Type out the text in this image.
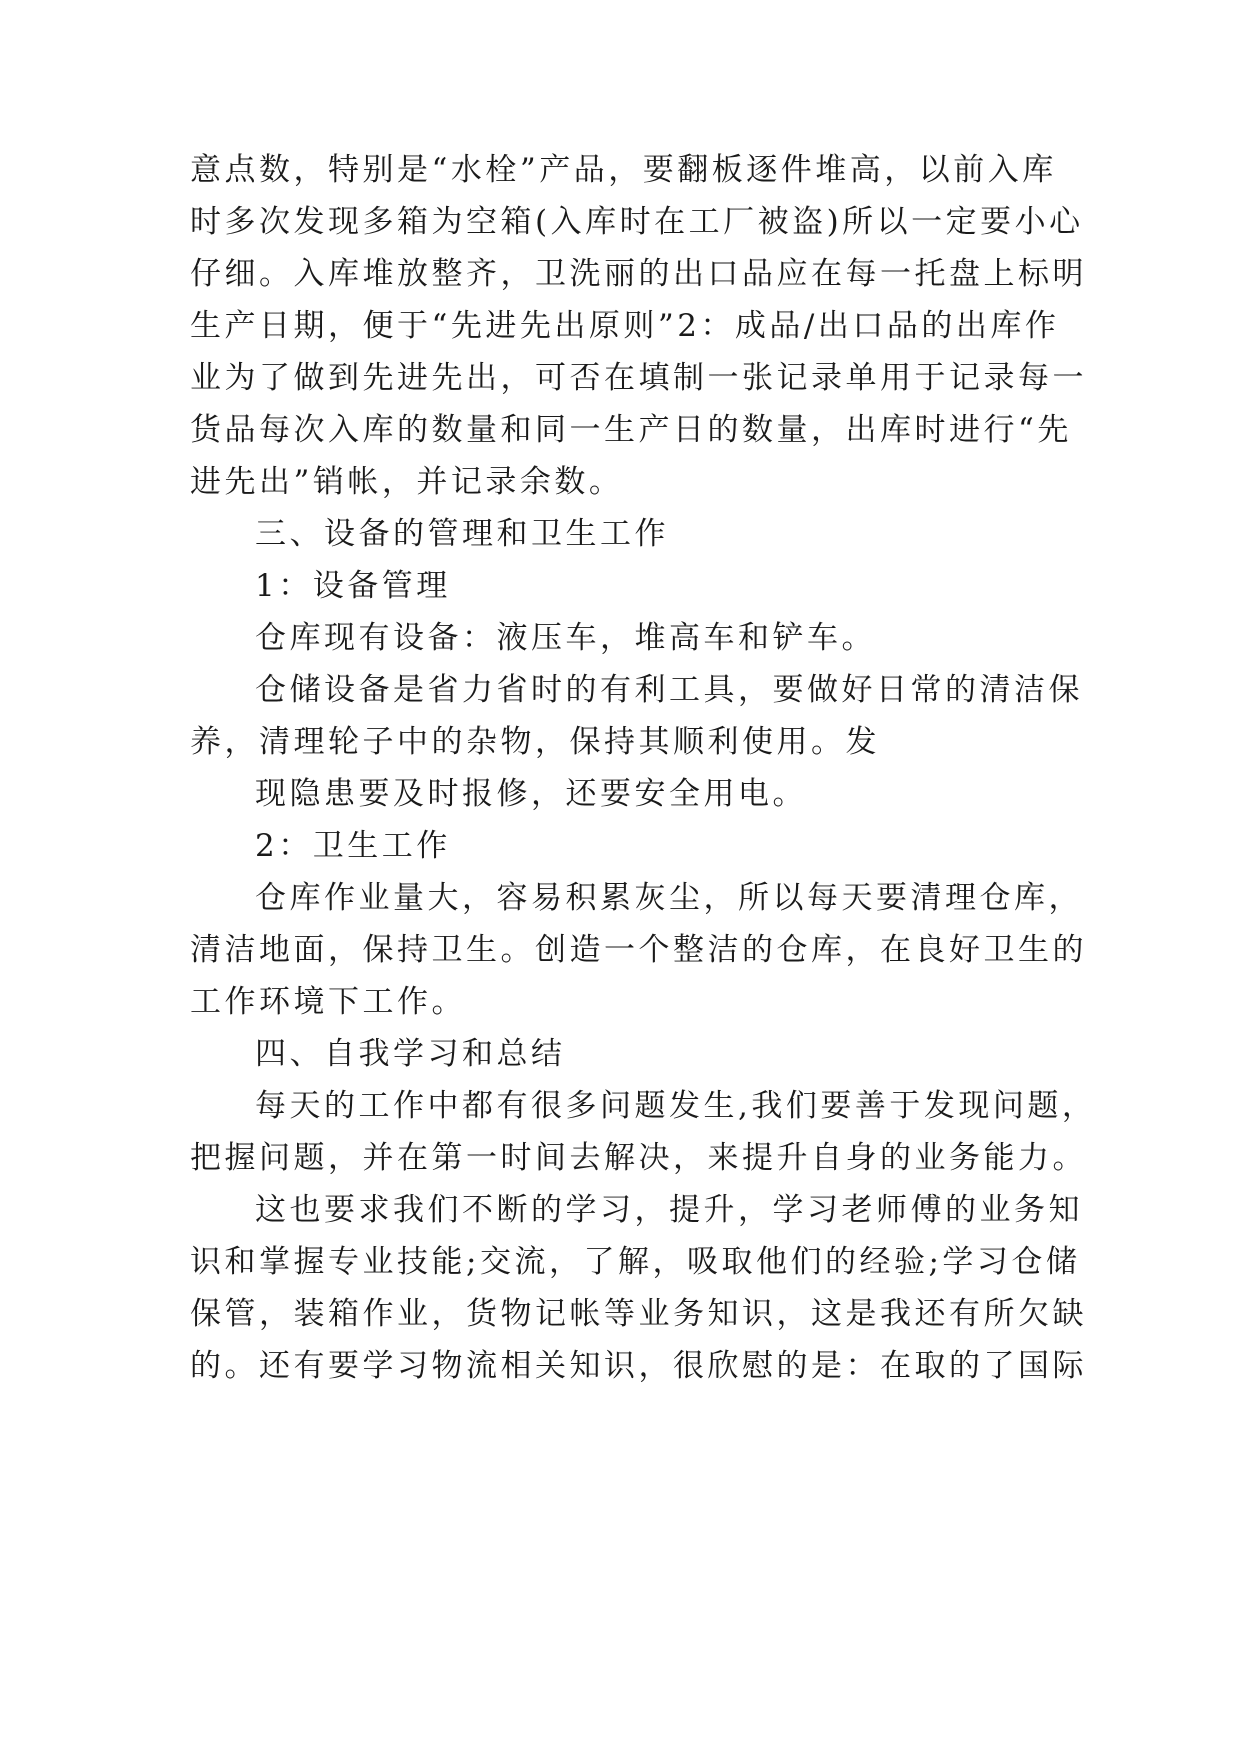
意点数，特别是“水栓”产品，要翻板逐件堆高，以前入库
时多次发现多箱为空箱(入库时在工厂被盗)所以一定要小心
仔细。入库堆放整齐，卫洗丽的出口品应在每一托盘上标明
生产日期，便于“先进先出原则”2：成品/出口品的出库作
业为了做到先进先出，可否在填制一张记录单用于记录每一
货品每次入库的数量和同一生产日的数量，出库时进行“先
进先出”销帐，并记录余数。
三、设备的管理和卫生工作
1：设备管理
仓库现有设备：液压车，堆高车和铲车。
仓储设备是省力省时的有利工具，要做好日常的清洁保
养，清理轮子中的杂物，保持其顺利使用。发
现隐患要及时报修，还要安全用电。
2：卫生工作
仓库作业量大，容易积累灰尘，所以每天要清理仓库，
清洁地面，保持卫生。创造一个整洁的仓库，在良好卫生的
工作环境下工作。
四、自我学习和总结
每天的工作中都有很多问题发生,我们要善于发现问题，
把握问题，并在第一时间去解决，来提升自身的业务能力。
这也要求我们不断的学习，提升，学习老师傅的业务知
识和掌握专业技能;交流，了解，吸取他们的经验;学习仓储
保管，装箱作业，货物记帐等业务知识，这是我还有所欠缺
的。还有要学习物流相关知识，很欣慰的是：在取的了国际
